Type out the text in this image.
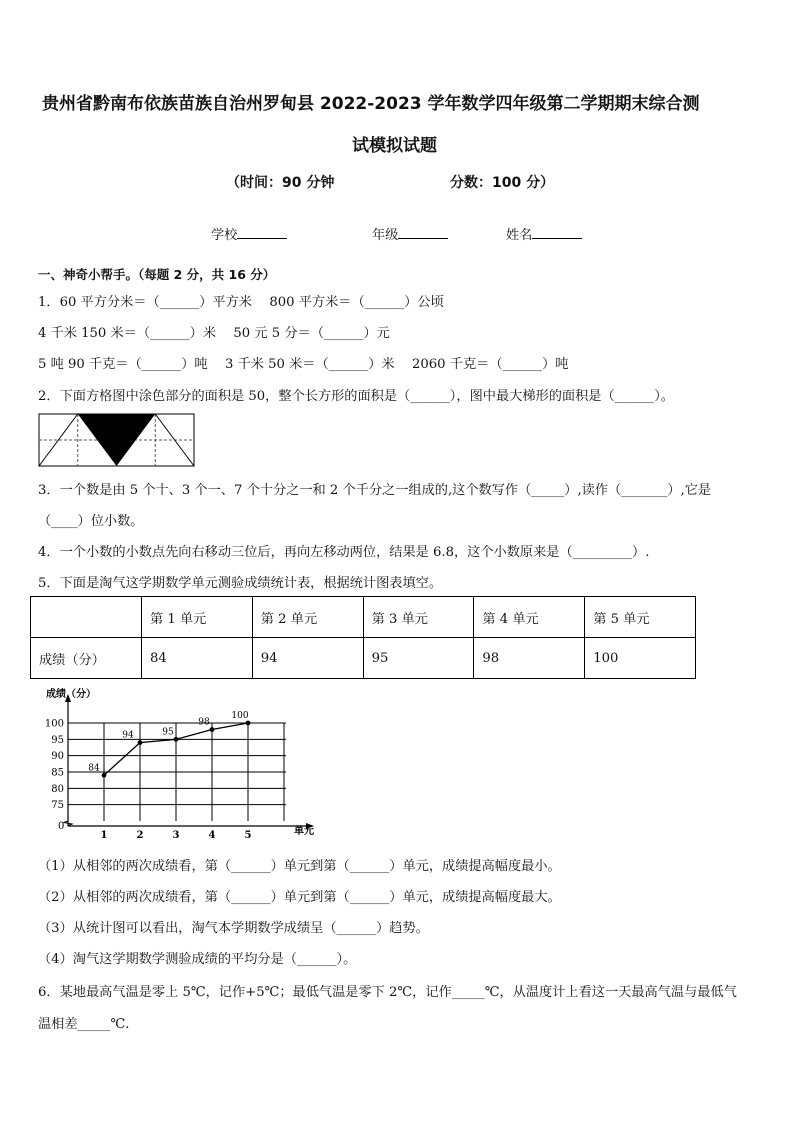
贵州省黔南布依族苗族自治州罗甸县 2022-2023 学年数学四年级第二学期期末综合测
试模拟试题
（时间：90 分钟	分数：100 分）
学校	年级	姓名
一、神奇小帮手。（每题 2 分，共 16 分）
1．60 平方分米＝（______）平方米　 800 平方米＝（______）公顷
4 千米 150 米＝（______）米　 50 元 5 分＝（______）元
5 吨 90 千克＝（______）吨　 3 千米 50 米＝（______）米　 2060 千克＝（______）吨
2．下面方格图中涂色部分的面积是 50，整个长方形的面积是（______），图中最大梯形的面积是（______）。
3．一个数是由 5 个十、3 个一、7 个十分之一和 2 个千分之一组成的,这个数写作（_____）,读作（_______）,它是
（____）位小数。
4．一个小数的小数点先向右移动三位后，再向左移动两位，结果是 6.8，这个小数原来是（_________）.
5．下面是淘气这学期数学单元测验成绩统计表，根据统计图表填空。
	第 1 单元	第 2 单元	第 3 单元	第 4 单元	第 5 单元
成绩（分）	84	94	95	98	100
75
80
85
90
95
100
成绩（分）
单元
0
1	2	3	4	5
84
94	95
98
100
（1）从相邻的两次成绩看，第（______）单元到第（______）单元，成绩提高幅度最小。
（2）从相邻的两次成绩看，第（______）单元到第（______）单元，成绩提高幅度最大。
（3）从统计图可以看出，淘气本学期数学成绩呈（______）趋势。
（4）淘气这学期数学测验成绩的平均分是（______）。
6．某地最高气温是零上 5℃，记作+5℃；最低气温是零下 2℃，记作_____℃，从温度计上看这一天最高气温与最低气
温相差_____℃.
